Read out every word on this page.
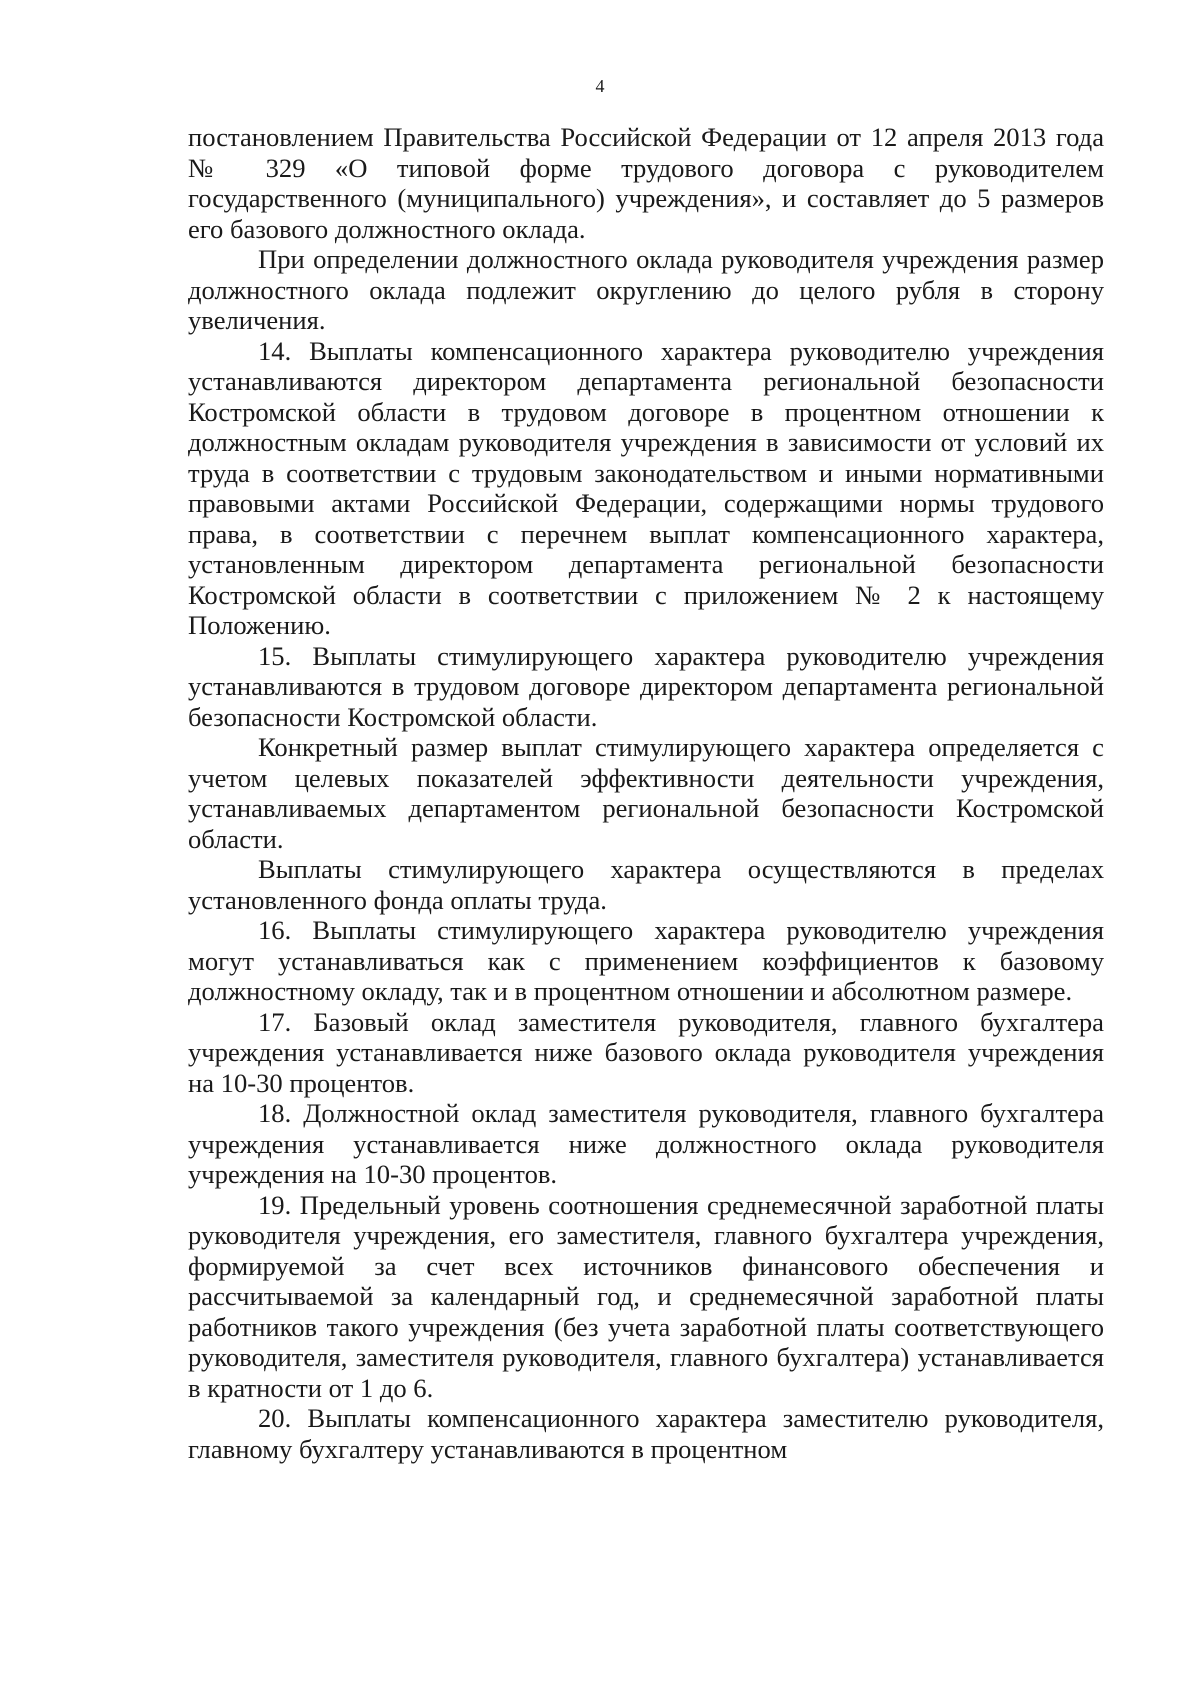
4

постановлением Правительства Российской Федерации от 12 апреля 2013 года № 329 «О типовой форме трудового договора с руководителем государственного (муниципального) учреждения», и составляет до 5 размеров его базового должностного оклада.

При определении должностного оклада руководителя учреждения размер должностного оклада подлежит округлению до целого рубля в сторону увеличения.

14. Выплаты компенсационного характера руководителю учреждения устанавливаются директором департамента региональной безопасности Костромской области в трудовом договоре в процентном отношении к должностным окладам руководителя учреждения в зависимости от условий их труда в соответствии с трудовым законодательством и иными нормативными правовыми актами Российской Федерации, содержащими нормы трудового права, в соответствии с перечнем выплат компенсационного характера, установленным директором департамента региональной безопасности Костромской области в соответствии с приложением № 2 к настоящему Положению.

15. Выплаты стимулирующего характера руководителю учреждения устанавливаются в трудовом договоре директором департамента региональной безопасности Костромской области.

Конкретный размер выплат стимулирующего характера определяется с учетом целевых показателей эффективности деятельности учреждения, устанавливаемых департаментом региональной безопасности Костромской области.

Выплаты стимулирующего характера осуществляются в пределах установленного фонда оплаты труда.

16. Выплаты стимулирующего характера руководителю учреждения могут устанавливаться как с применением коэффициентов к базовому должностному окладу, так и в процентном отношении и абсолютном размере.

17. Базовый оклад заместителя руководителя, главного бухгалтера учреждения устанавливается ниже базового оклада руководителя учреждения на 10-30 процентов.

18. Должностной оклад заместителя руководителя, главного бухгалтера учреждения устанавливается ниже должностного оклада руководителя учреждения на 10-30 процентов.

19. Предельный уровень соотношения среднемесячной заработной платы руководителя учреждения, его заместителя, главного бухгалтера учреждения, формируемой за счет всех источников финансового обеспечения и рассчитываемой за календарный год, и среднемесячной заработной платы работников такого учреждения (без учета заработной платы соответствующего руководителя, заместителя руководителя, главного бухгалтера) устанавливается в кратности от 1 до 6.

20. Выплаты компенсационного характера заместителю руководителя, главному бухгалтеру устанавливаются в процентном
